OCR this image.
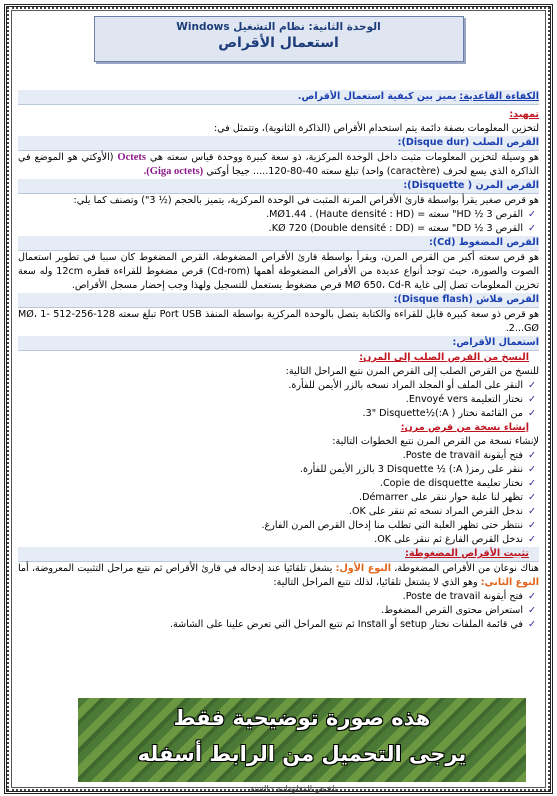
الوحدة الثانية: نظام التشغيل Windows
استعمال الأقراص
الكفاءة القاعدية: يميز بين كيفية استعمال الأقراص.
تمهيد:
لتخزين المعلومات بصفة دائمة يتم استخدام الأقراص (الذاكرة الثانوية)، وتتمثل في:
القرص الصلب (Disque dur):
هو وسيلة لتخزين المعلومات مثبت داخل الوحدة المركزية، ذو سعة كبيرة ووحدة قياس سعته هي Octets (الأوكتي هو الموضع في الذاكرة الذي يسع لحرف (caractère) واحد) تبلغ سعته 40-80-120..... جيجا أوكتي (Giga octets).
القرص المرن ( Disquette):
هو قرص صغير يقرأ بواسطة قارئ الأقراص المرنة المثبت في الوحدة المركزية، يتميز بالحجم (½ 3") وتصنف كما يلي:
✓ القرص HD ½ 3" سعته = MØ1.44 . (Haute densité : HD).
✓ القرص DD ½ 3" سعته = KØ 720 (Double densité : DD).
القرص المضغوط (Cd):
هو قرص سعته أكبر من القرص المرن، ويقرأ بواسطة قارئ الأقراص المضغوطة، القرص المضغوط كان سببا في تطوير استعمال الصوت والصورة، حيث توجد أنواع عديدة من الأقراص المضغوطة أهمها (Cd-rom) قرص مضغوط للقراءة قطره 12cm وله سعة تخزين المعلومات تصل إلى غاية MØ 650، Cd-R قرص مضغوط يستعمل للتسجيل ولهذا وجب إحضار مسجل الأقراص.
القرص فلاش (Disque flash):
هو قرص ذو سعة كبيرة قابل للقراءة والكتابة يتصل بالوحدة المركزية بواسطة المنفذ Port USB تبلغ سعته 128-256-512 MØ، 1-2...GØ.
استعمال الأقراص:
النسخ من القرص الصلب إلى المرن:
للنسخ من القرص الصلب إلى القرص المرن نتبع المراحل التالية:
✓ النقر على الملف أو المجلد المراد نسخه بالزر الأيمن للفأرة.
✓ نختار التعليمة Envoyé vers.
✓ من القائمة نختار ( A:)½3" Disquette.
إنشاء نسخة من قرص مرن:
لإنشاء نسخة من القرص المرن نتبع الخطوات التالية:
✓ فتح أيقونة Poste de travail.
✓ ننقر على رمز( A:) ½ 3 Disquette بالزر الأيمن للفأرة.
✓ نختار تعليمة Copie de disquette.
✓ تظهر لنا علبة حوار ننقر على Démarrer.
✓ ندخل القرص المراد نسخه ثم ننقر على OK.
✓ ننتظر حتى تظهر العلبة التي تطلب منا إدخال القرص المرن الفارغ.
✓ ندخل القرص الفارغ ثم ننقر على OK.
تثبيت الأقراص المضغوطة:
هناك نوعان من الأقراص المضغوطة، النوع الأول: يشغل تلقائيا عند إدخاله في قارئ الأقراص ثم نتبع مراحل التثبيت المعروضة، أما النوع الثاني: وهو الذي لا يشتغل تلقائيا، لذلك نتبع المراحل التالية:
✓ فتح أيقونة Poste de travail.
✓ استعراض محتوى القرص المضغوط.
✓ في قائمة الملفات نختار setup أو Install ثم نتبع المراحل التي تعرض علينا على الشاشة.
هذه صورة توضيحية فقط
يرجى التحميل من الرابط أسفله
تلخيص المعلوماتية - السنة
